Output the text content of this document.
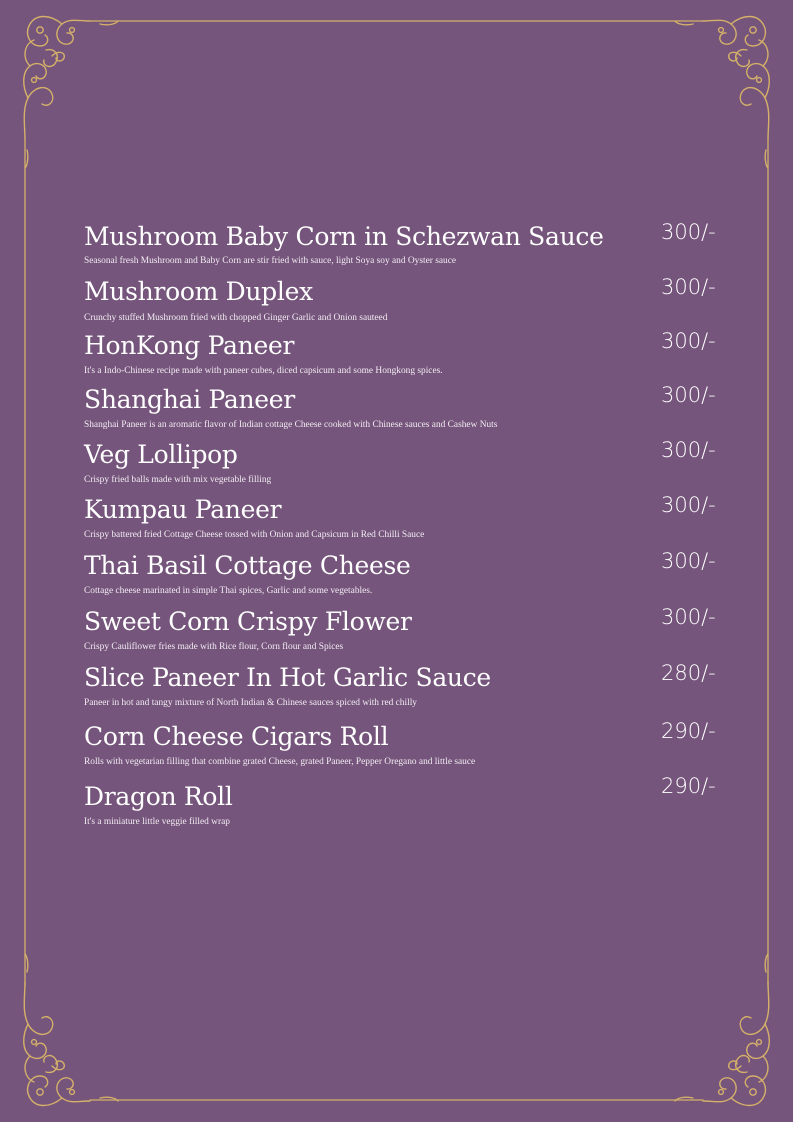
Mushroom Baby Corn in Schezwan Sauce
Seasonal fresh Mushroom and Baby Corn are stir fried with sauce, light Soya soy and Oyster sauce
300/-
Mushroom Duplex
Crunchy stuffed Mushroom fried with chopped Ginger Garlic and Onion sauteed
300/-
HonKong Paneer
It's a Indo-Chinese recipe made with paneer cubes, diced capsicum and some Hongkong spices.
300/-
Shanghai Paneer
Shanghai Paneer is an aromatic flavor of Indian cottage Cheese cooked with Chinese sauces and Cashew Nuts
300/-
Veg Lollipop
Crispy fried balls made with mix vegetable filling
300/-
Kumpau Paneer
Crispy battered fried Cottage Cheese tossed with Onion and Capsicum in Red Chilli Sauce
300/-
Thai Basil Cottage Cheese
Cottage cheese marinated in simple Thai spices, Garlic and some vegetables.
300/-
Sweet Corn Crispy Flower
Crispy Cauliflower fries made with Rice flour, Corn flour and Spices
300/-
Slice Paneer In Hot Garlic Sauce
Paneer in hot and tangy mixture of North Indian & Chinese sauces spiced with red chilly
280/-
Corn Cheese Cigars Roll
Rolls with vegetarian filling that combine grated Cheese, grated Paneer, Pepper Oregano and little sauce
290/-
Dragon Roll
It's a miniature little veggie filled wrap
290/-
